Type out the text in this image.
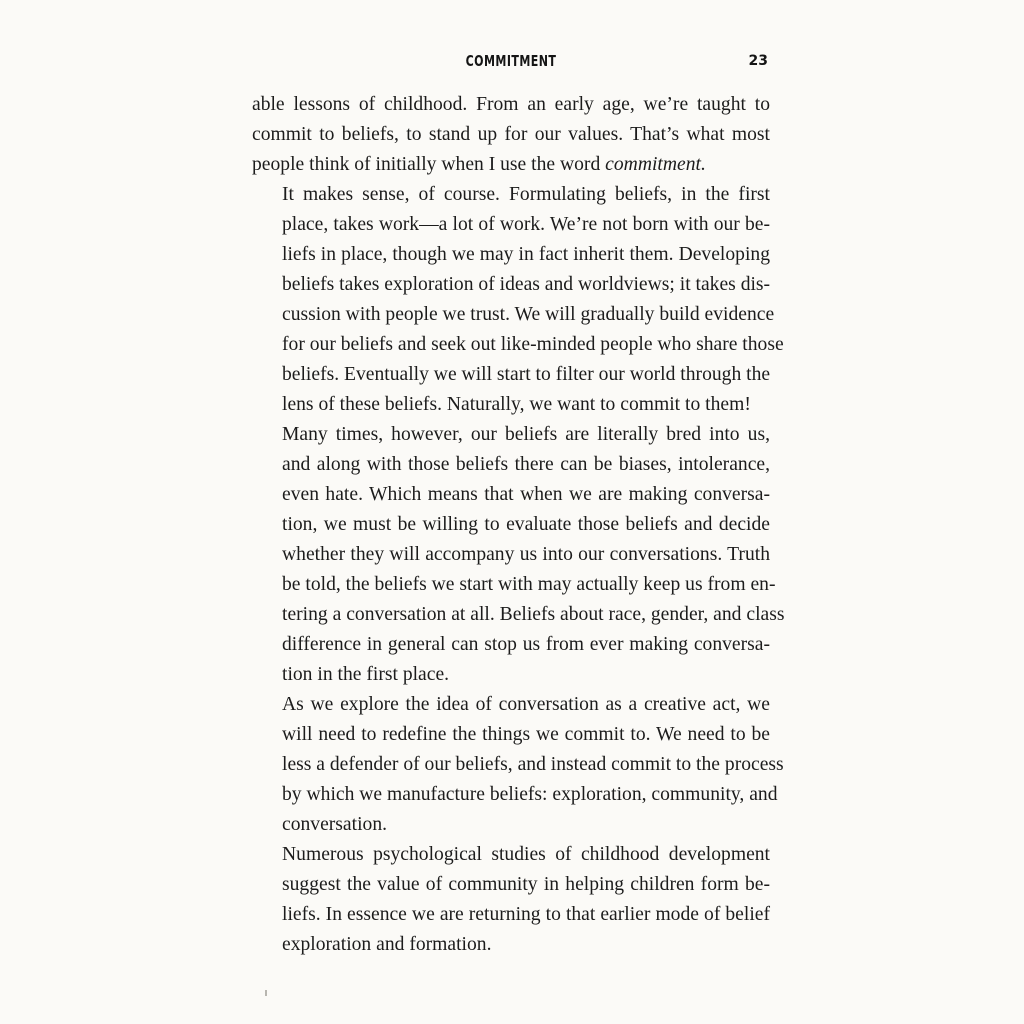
COMMITMENT	23

able lessons of childhood. From an early age, we’re taught to
commit to beliefs, to stand up for our values. That’s what most
people think of initially when I use the word commitment.

It makes sense, of course. Formulating beliefs, in the first
place, takes work—a lot of work. We’re not born with our be-
liefs in place, though we may in fact inherit them. Developing
beliefs takes exploration of ideas and worldviews; it takes dis-
cussion with people we trust. We will gradually build evidence
for our beliefs and seek out like-minded people who share those
beliefs. Eventually we will start to filter our world through the
lens of these beliefs. Naturally, we want to commit to them!

Many times, however, our beliefs are literally bred into us,
and along with those beliefs there can be biases, intolerance,
even hate. Which means that when we are making conversa-
tion, we must be willing to evaluate those beliefs and decide
whether they will accompany us into our conversations. Truth
be told, the beliefs we start with may actually keep us from en-
tering a conversation at all. Beliefs about race, gender, and class
difference in general can stop us from ever making conversa-
tion in the first place.

As we explore the idea of conversation as a creative act, we
will need to redefine the things we commit to. We need to be
less a defender of our beliefs, and instead commit to the process
by which we manufacture beliefs: exploration, community, and
conversation.

Numerous psychological studies of childhood development
suggest the value of community in helping children form be-
liefs. In essence we are returning to that earlier mode of belief
exploration and formation.
